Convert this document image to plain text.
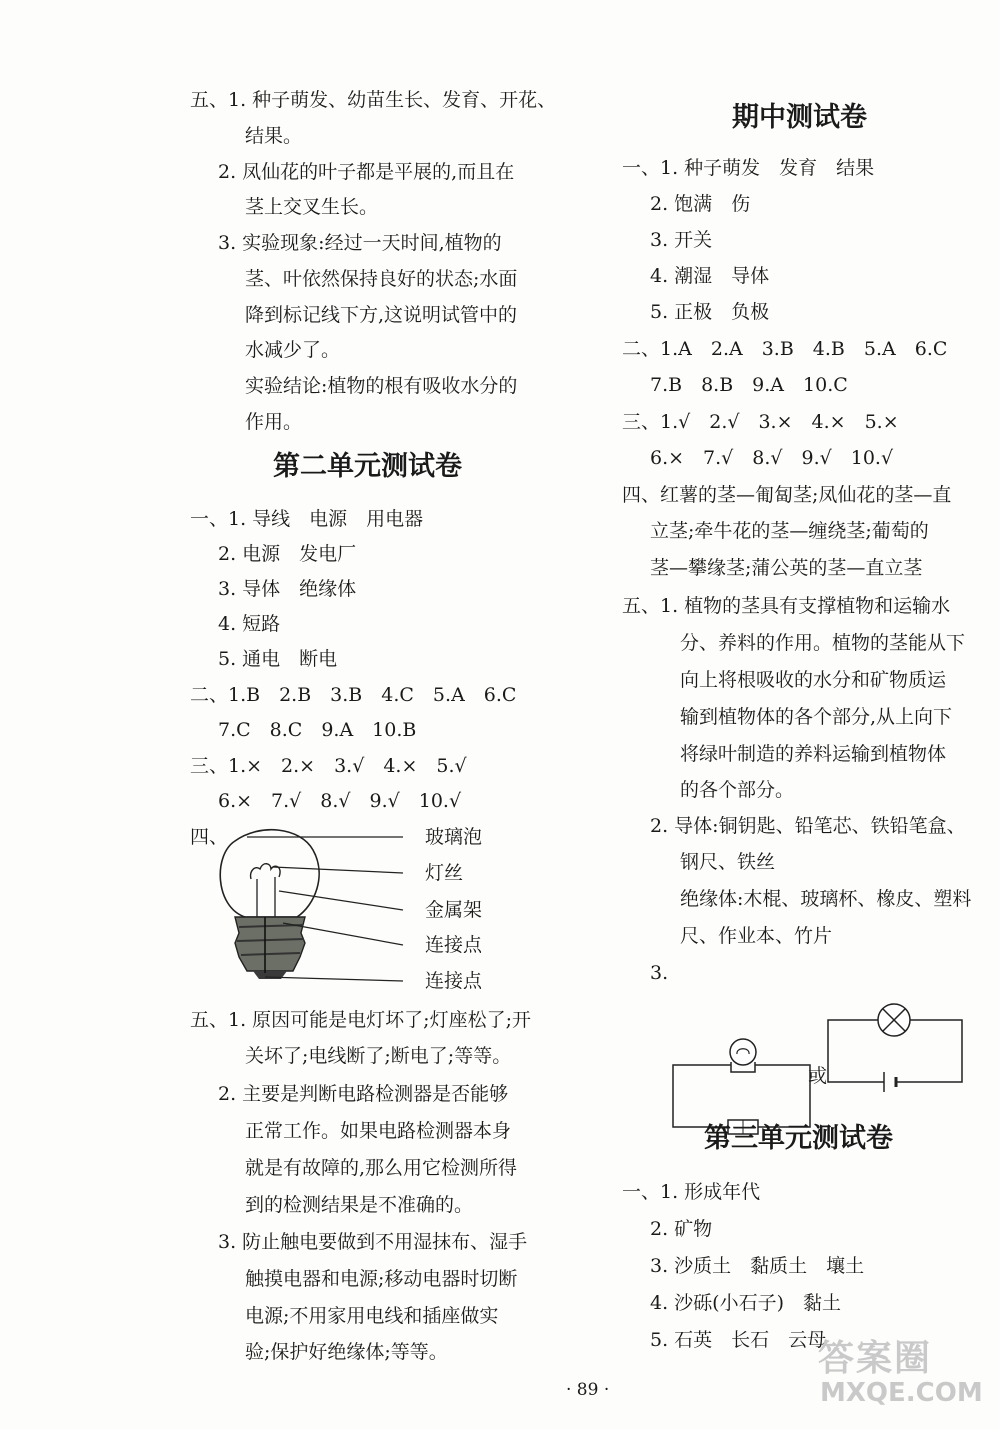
五、1. 种子萌发、幼苗生长、发育、开花、
结果。
2. 凤仙花的叶子都是平展的,而且在
茎上交叉生长。
3. 实验现象:经过一天时间,植物的
茎、叶依然保持良好的状态;水面
降到标记线下方,这说明试管中的
水减少了。
实验结论:植物的根有吸收水分的
作用。
第二单元测试卷
一、1. 导线　电源　用电器
2. 电源　发电厂
3. 导体　绝缘体
4. 短路
5. 通电　断电
二、1.B　2.B　3.B　4.C　5.A　6.C
7.C　8.C　9.A　10.B
三、1.×　2.×　3.√　4.×　5.√
6.×　7.√　8.√　9.√　10.√
四、	玻璃泡
灯丝
金属架
连接点
连接点
五、1. 原因可能是电灯坏了;灯座松了;开
关坏了;电线断了;断电了;等等。
2. 主要是判断电路检测器是否能够
正常工作。如果电路检测器本身
就是有故障的,那么用它检测所得
到的检测结果是不准确的。
3. 防止触电要做到不用湿抹布、湿手
触摸电器和电源;移动电器时切断
电源;不用家用电线和插座做实
验;保护好绝缘体;等等。
期中测试卷
一、1. 种子萌发　发育　结果
2. 饱满　伤
3. 开关
4. 潮湿　导体
5. 正极　负极
二、1.A　2.A　3.B　4.B　5.A　6.C
7.B　8.B　9.A　10.C
三、1.√　2.√　3.×　4.×　5.×
6.×　7.√　8.√　9.√　10.√
四、红薯的茎—匍匐茎;凤仙花的茎—直
立茎;牵牛花的茎—缠绕茎;葡萄的
茎—攀缘茎;蒲公英的茎—直立茎
五、1. 植物的茎具有支撑植物和运输水
分、养料的作用。植物的茎能从下
向上将根吸收的水分和矿物质运
输到植物体的各个部分,从上向下
将绿叶制造的养料运输到植物体
的各个部分。
2. 导体:铜钥匙、铅笔芯、铁铅笔盒、
钢尺、铁丝
绝缘体:木棍、玻璃杯、橡皮、塑料
尺、作业本、竹片
3.
或
第三单元测试卷
一、1. 形成年代
2. 矿物
3. 沙质土　黏质土　壤土
4. 沙砾(小石子)　黏土
5. 石英　长石　云母
· 89 ·
答案圈
MXQE.COM
